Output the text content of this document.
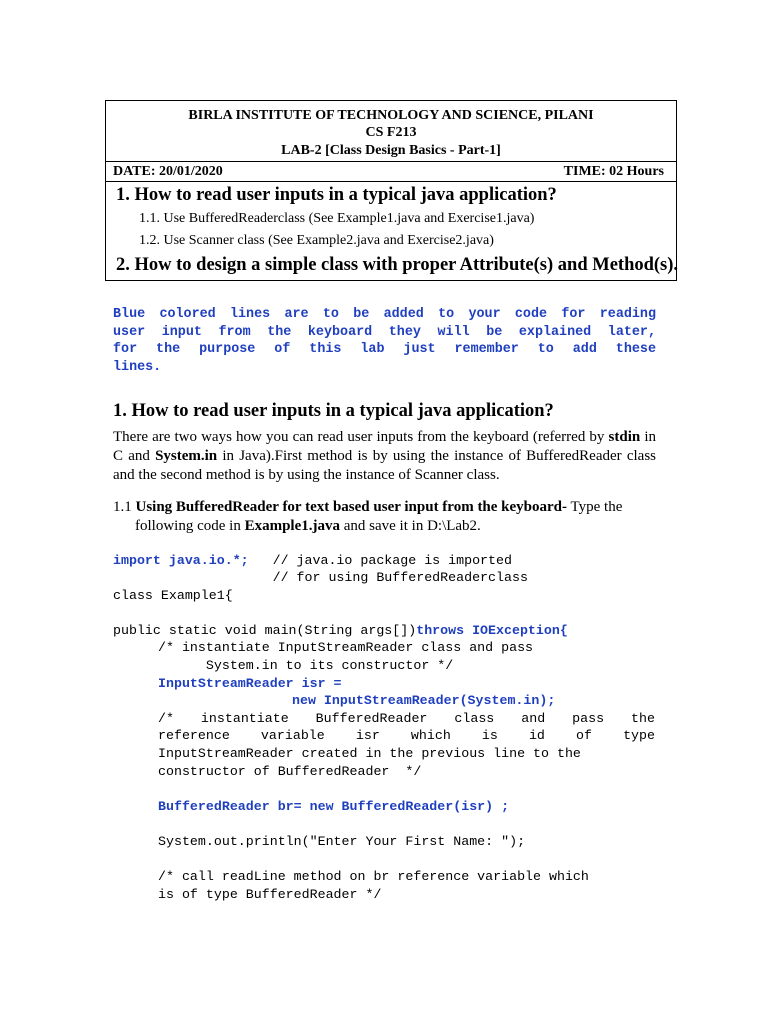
BIRLA INSTITUTE OF TECHNOLOGY AND SCIENCE, PILANI
CS F213
LAB-2 [Class Design Basics - Part-1]
DATE: 20/01/2020	TIME: 02 Hours
1. How to read user inputs in a typical java application?
1.1. Use BufferedReaderclass (See Example1.java and Exercise1.java)
1.2. Use Scanner class (See Example2.java and Exercise2.java)
2. How to design a simple class with proper Attribute(s) and Method(s).
Blue colored lines are to be added to your code for reading
user input from the keyboard they will be explained later,
for the purpose of this lab just remember to add these
lines.
1. How to read user inputs in a typical java application?
There are two ways how you can read user inputs from the keyboard (referred by stdin in C and System.in in Java).First method is by using the instance of BufferedReader class and the second method is by using the instance of Scanner class.
1.1 Using BufferedReader for text based user input from the keyboard- Type the
following code in Example1.java and save it in D:\Lab2.
import java.io.*;   // java.io package is imported
// for using BufferedReaderclass
class Example1{
public static void main(String args[])throws IOException{
/* instantiate InputStreamReader class and pass
System.in to its constructor */
InputStreamReader isr =
new InputStreamReader(System.in);
/* instantiate BufferedReader class and pass the
reference variable isr which is id of type
InputStreamReader created in the previous line to the
constructor of BufferedReader  */
BufferedReader br= new BufferedReader(isr) ;
System.out.println("Enter Your First Name: ");
/* call readLine method on br reference variable which
is of type BufferedReader */
